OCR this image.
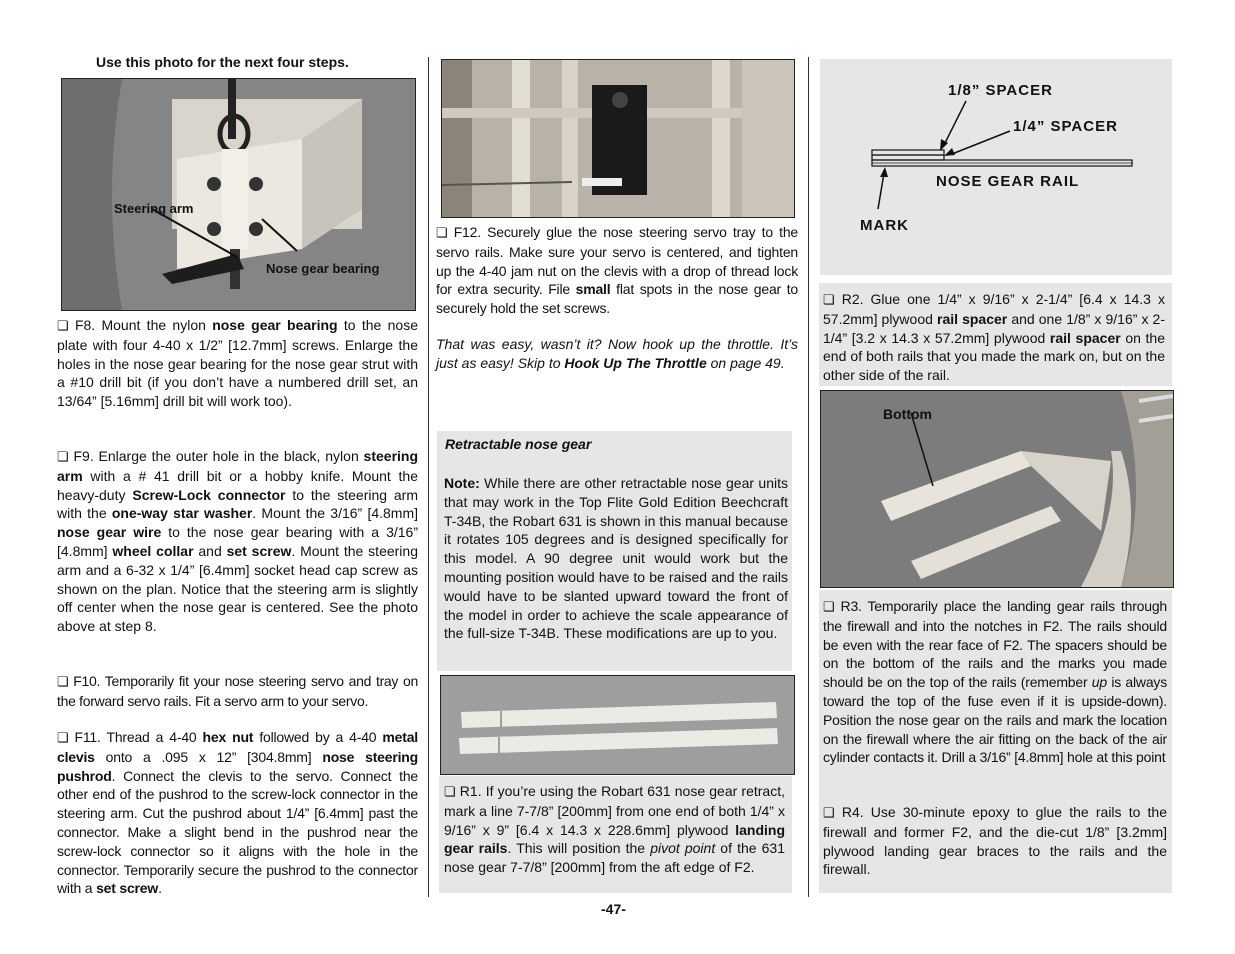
Use this photo for the next four steps.
Steering arm
Nose gear bearing

❏ F8. Mount the nylon nose gear bearing to the nose plate with four 4-40 x 1/2” [12.7mm] screws. Enlarge the holes in the nose gear bearing for the nose gear strut with a #10 drill bit (if you don’t have a numbered drill set, an 13/64” [5.16mm] drill bit will work too).

❏ F9. Enlarge the outer hole in the black, nylon steering arm with a # 41 drill bit or a hobby knife. Mount the heavy-duty Screw-Lock connector to the steering arm with the one-way star washer. Mount the 3/16” [4.8mm] nose gear wire to the nose gear bearing with a 3/16” [4.8mm] wheel collar and set screw. Mount the steering arm and a 6-32 x 1/4” [6.4mm] socket head cap screw as shown on the plan. Notice that the steering arm is slightly off center when the nose gear is centered. See the photo above at step 8.

❏ F10. Temporarily fit your nose steering servo and tray on the forward servo rails. Fit a servo arm to your servo.

❏ F11. Thread a 4-40 hex nut followed by a 4-40 metal clevis onto a .095 x 12” [304.8mm] nose steering pushrod. Connect the clevis to the servo. Connect the other end of the pushrod to the screw-lock connector in the steering arm. Cut the pushrod about 1/4” [6.4mm] past the connector. Make a slight bend in the pushrod near the screw-lock connector so it aligns with the hole in the connector. Temporarily secure the pushrod to the connector with a set screw.

❏ F12. Securely glue the nose steering servo tray to the servo rails. Make sure your servo is centered, and tighten up the 4-40 jam nut on the clevis with a drop of thread lock for extra security. File small flat spots in the nose gear to securely hold the set screws.

That was easy, wasn’t it? Now hook up the throttle. It’s just as easy! Skip to Hook Up The Throttle on page 49.

Retractable nose gear

Note: While there are other retractable nose gear units that may work in the Top Flite Gold Edition Beechcraft T-34B, the Robart 631 is shown in this manual because it rotates 105 degrees and is designed specifically for this model. A 90 degree unit would work but the mounting position would have to be raised and the rails would have to be slanted upward toward the front of the model in order to achieve the scale appearance of the full-size T-34B. These modifications are up to you.

❏ R1. If you’re using the Robart 631 nose gear retract, mark a line 7-7/8” [200mm] from one end of both 1/4” x 9/16” x 9” [6.4 x 14.3 x 228.6mm] plywood landing gear rails. This will position the pivot point of the 631 nose gear 7-7/8” [200mm] from the aft edge of F2.

-47-
1/8” SPACER
1/4” SPACER
NOSE GEAR RAIL
MARK

❏ R2. Glue one 1/4” x 9/16” x 2-1/4” [6.4 x 14.3 x 57.2mm] plywood rail spacer and one 1/8” x 9/16” x 2-1/4” [3.2 x 14.3 x 57.2mm] plywood rail spacer on the end of both rails that you made the mark on, but on the other side of the rail.

Bottom

❏ R3. Temporarily place the landing gear rails through the firewall and into the notches in F2. The rails should be even with the rear face of F2. The spacers should be on the bottom of the rails and the marks you made should be on the top of the rails (remember up is always toward the top of the fuse even if it is upside-down). Position the nose gear on the rails and mark the location on the firewall where the air fitting on the back of the air cylinder contacts it. Drill a 3/16” [4.8mm] hole at this point

❏ R4. Use 30-minute epoxy to glue the rails to the firewall and former F2, and the die-cut 1/8” [3.2mm] plywood landing gear braces to the rails and the firewall.
